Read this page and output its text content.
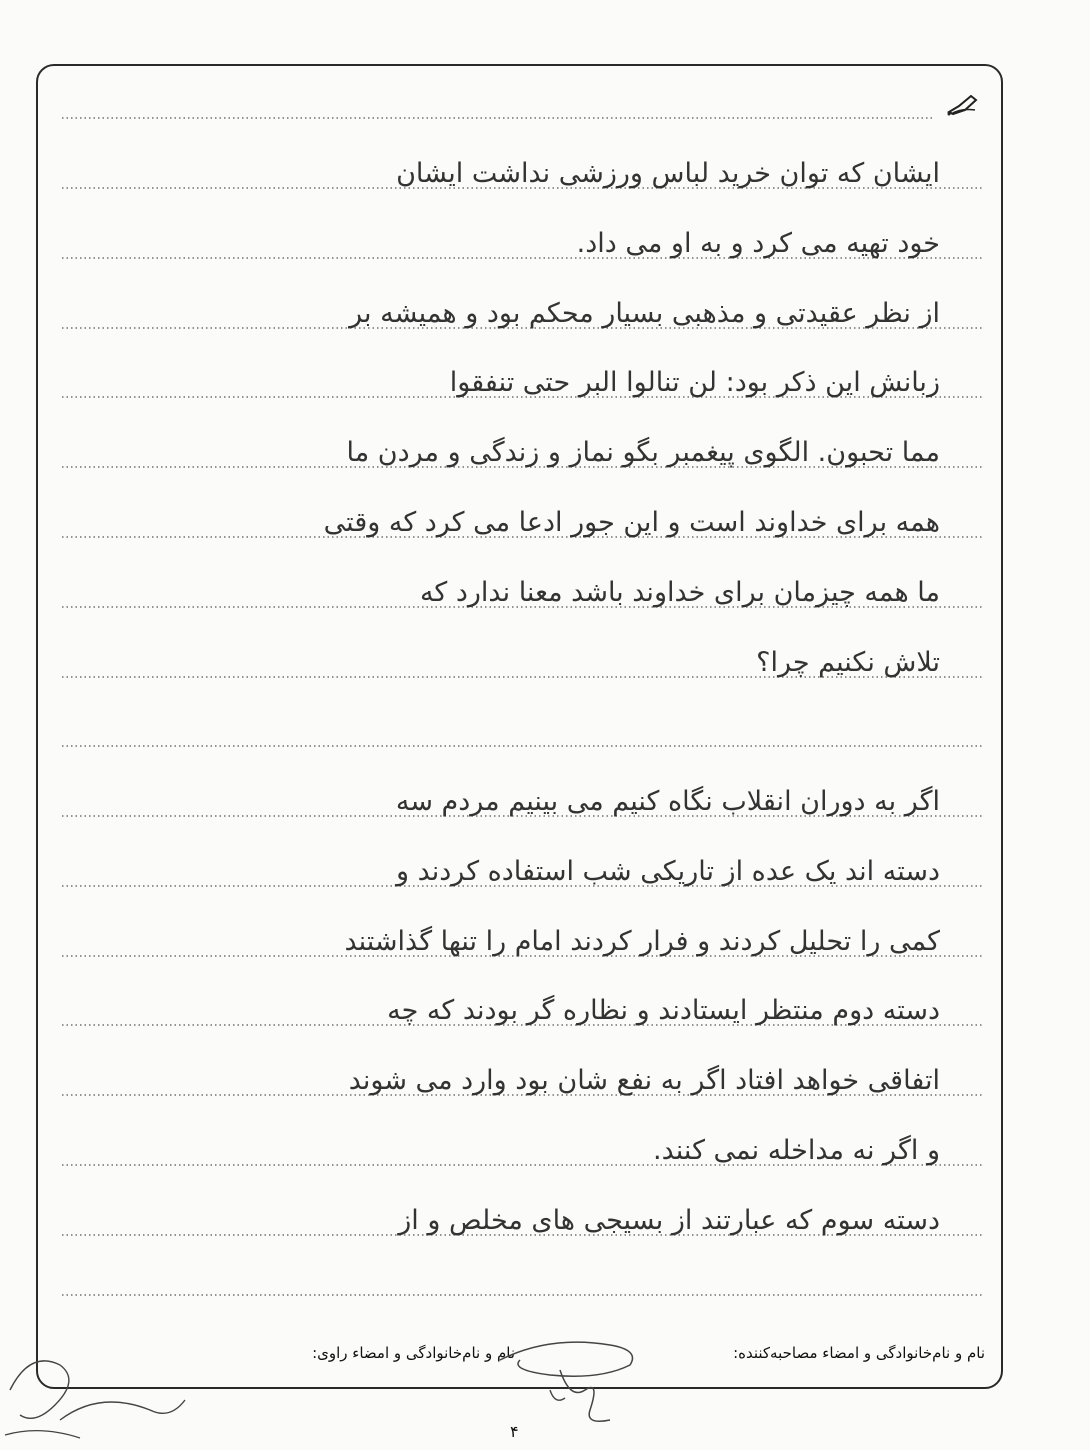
ایشان که توان خرید لباس ورزشی نداشت ایشان
خود تهیه می کرد و به او می داد.
از نظر عقیدتی و مذهبی بسیار محکم بود و همیشه بر
زبانش این ذکر بود: لن تنالوا البر حتی تنفقوا
مما تحبون. الگوی پیغمبر بگو نماز و زندگی و مردن ما
همه برای خداوند است و این جور ادعا می کرد که وقتی
ما همه چیزمان برای خداوند باشد معنا ندارد که
تلاش نکنیم چرا؟
اگر به دوران انقلاب نگاه کنیم می بینیم مردم سه
دسته اند یک عده از تاریکی شب استفاده کردند و
کمی را تحلیل کردند و فرار کردند امام را تنها گذاشتند
دسته دوم منتظر ایستادند و نظاره گر بودند که چه
اتفاقی خواهد افتاد اگر به نفع شان بود وارد می شوند
و اگر نه مداخله نمی کنند.
دسته سوم که عبارتند از بسیجی های مخلص و از
نام و نام‌خانوادگی و امضاء مصاحبه‌کننده:
نام و نام‌خانوادگی و امضاء راوی:
۴
